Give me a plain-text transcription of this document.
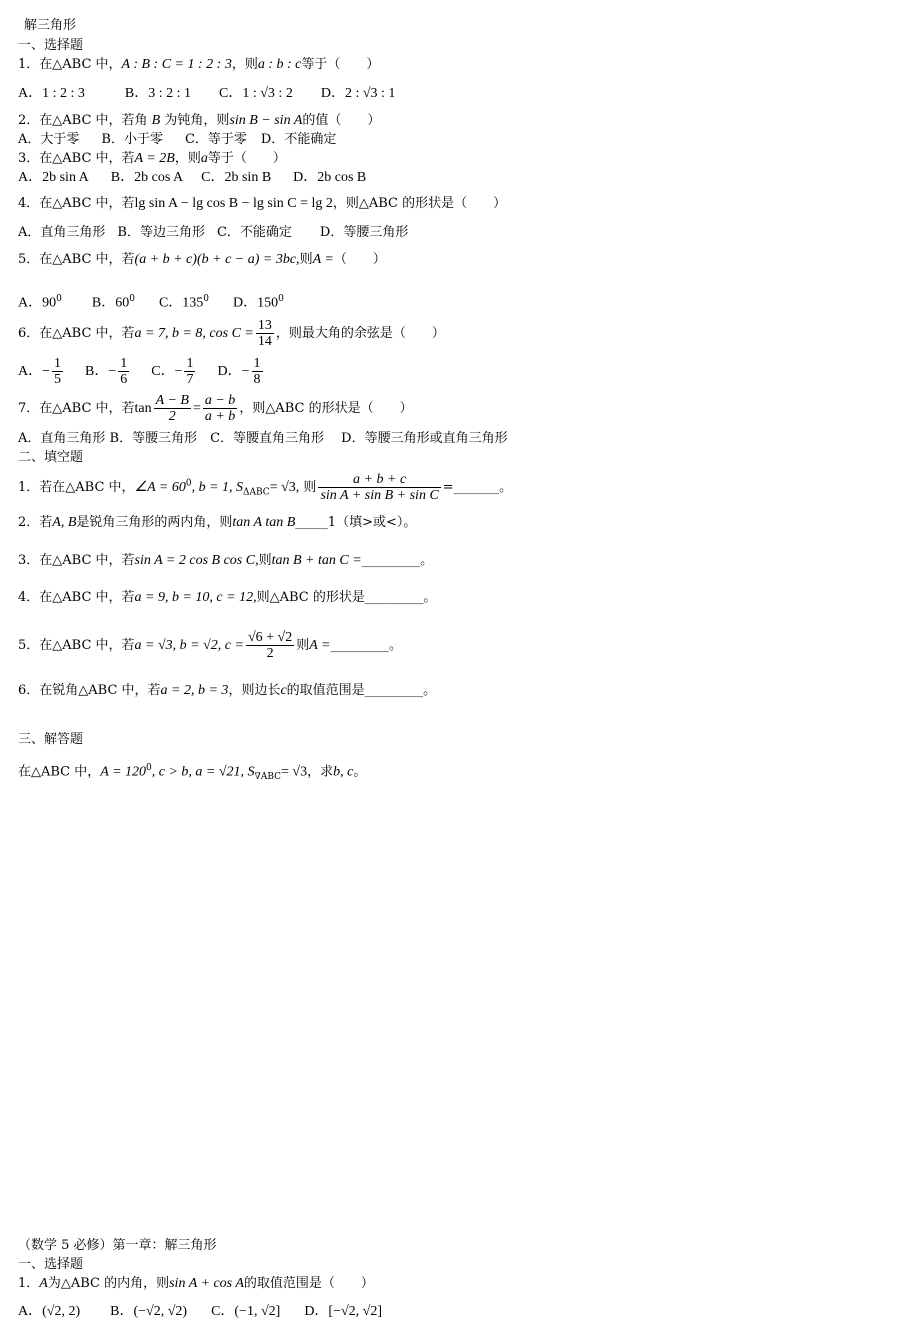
解三角形
一、选择题
1．在△ABC 中，A : B : C = 1 : 2 : 3，则a : b : c等于（　　）
A．1 : 2 : 3	B．3 : 2 : 1 C．1 : √3 : 2 D．2 : √3 : 1
2．在△ABC 中，若角 B 为钝角，则sin B − sin A的值（　　）
A．大于零 B．小于零 C．等于零 D．不能确定
3．在△ABC 中，若A = 2B，则a等于（　　）
A．2b sin A B．2b cos A C．2b sin B D．2b cos B
4．在△ABC 中，若lg sin A − lg cos B − lg sin C = lg 2，则△ABC 的形状是（　　）
A．直角三角形 B．等边三角形 C．不能确定 D．等腰三角形
5．在△ABC 中，若(a + b + c)(b + c − a) = 3bc,则A =（　　）
A．$90^0$ B．$60^0$ C．$135^0$ D．$150^0$
6．在△ABC 中，若a = 7, b = 8, $\cos C = \frac{13}{14}$ ，则最大角的余弦是（　　）
A．− $\frac{1}{5}$ B．− $\frac{1}{6}$ C．− $\frac{1}{7}$ D．− $\frac{1}{8}$
7．在△ABC 中，若$\tan \frac{A - B}{2} = \frac{a - b}{a + b}$ ，则△ABC 的形状是（　　）
A．直角三角形 B．等腰三角形　C．等腰直角三角形　 D．等腰三角形或直角三角形
二、填空题
1．若在△ABC 中，∠A = $60^0$, b = 1, $S_{\Delta ABC}= √3$, 则 $\frac{a + b + c}{\text{sin A + sin B + sin C}}$ =_______。
2．若A, B是锐角三角形的两内角，则tan A tan B_____1（填>或<）。
3．在△ABC 中，若sin A = 2 cos B cos C,则tan B + tan C =_________。
4．在△ABC 中，若a = 9, b = 10, c = 12,则△ABC 的形状是_________。
5．在△ABC 中，若a = √3, b = √2, $c = \frac{√6 + √2}{2}$ 则A =_________。
6．在锐角△ABC 中，若a = 2, b = 3，则边长c的取值范围是_________。
三、解答题
在△ABC 中，$A = 120^0$, c > b, a = √21, $S_{\nabla ABC}= √3$，求b, c。
（数学 5 必修）第一章：解三角形
一、选择题
1．A为△ABC 的内角，则sin A + cos A的取值范围是（　　）
A．(√2, 2) B．(−√2, √2) C．(−1, √2] D．[−√2, √2]
